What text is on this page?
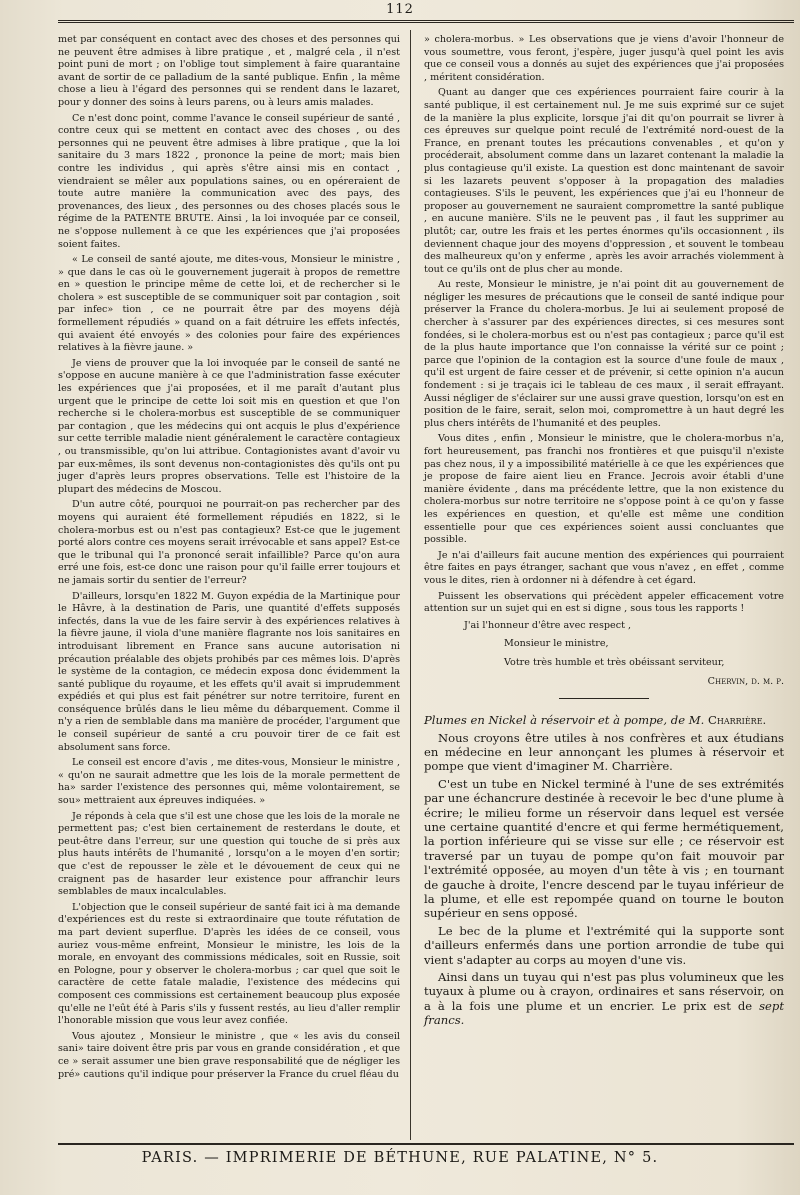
112

met par conséquent en contact avec des choses et des personnes qui ne peuvent être admises à libre pratique , et , malgré cela , il n'est point puni de mort ; on l'oblige tout simplement à faire quarantaine avant de sortir de ce palladium de la santé publique. Enfin , la même chose a lieu à l'égard des personnes qui se rendent dans le lazaret, pour y donner des soins à leurs parens, ou à leurs amis malades.

Ce n'est donc point, comme l'avance le conseil supérieur de santé , contre ceux qui se mettent en contact avec des choses , ou des personnes qui ne peuvent être admises à libre pratique , que la loi sanitaire du 3 mars 1822 , prononce la peine de mort; mais bien contre les individus , qui après s'être ainsi mis en contact , viendraient se mêler aux populations saines, ou en opéreraient de toute autre manière la communication avec des pays, des provenances, des lieux , des personnes ou des choses placés sous le régime de la PATENTE BRUTE. Ainsi , la loi invoquée par ce conseil, ne s'oppose nullement à ce que les expériences que j'ai proposées soient faites.

« Le conseil de santé ajoute, me dites-vous, Monsieur le ministre , » que dans le cas où le gouvernement jugerait à propos de remettre en » question le principe même de cette loi, et de rechercher si le cholera » est susceptible de se communiquer soit par contagion , soit par infec» tion , ce ne pourrait être par des moyens déjà formellement répudiés » quand on a fait détruire les effets infectés, qui avaient été envoyés » des colonies pour faire des expériences relatives à la fièvre jaune. »

Je viens de prouver que la loi invoquée par le conseil de santé ne s'oppose en aucune manière à ce que l'administration fasse exécuter les expériences que j'ai proposées, et il me paraît d'autant plus urgent que le principe de cette loi soit mis en question et que l'on recherche si le cholera-morbus est susceptible de se communiquer par contagion , que les médecins qui ont acquis le plus d'expérience sur cette terrible maladie nient généralement le caractère contagieux , ou transmissible, qu'on lui attribue. Contagionistes avant d'avoir vu par eux-mêmes, ils sont devenus non-contagionistes dès qu'ils ont pu juger d'après leurs propres observations. Telle est l'histoire de la plupart des médecins de Moscou.

D'un autre côté, pourquoi ne pourrait-on pas rechercher par des moyens qui auraient été formellement répudiés en 1822, si le cholera-morbus est ou n'est pas contagieux? Est-ce que le jugement porté alors contre ces moyens serait irrévocable et sans appel? Est-ce que le tribunal qui l'a prononcé serait infaillible? Parce qu'on aura erré une fois, est-ce donc une raison pour qu'il faille errer toujours et ne jamais sortir du sentier de l'erreur?

D'ailleurs, lorsqu'en 1822 M. Guyon expédia de la Martinique pour le Hâvre, à la destination de Paris, une quantité d'effets supposés infectés, dans la vue de les faire servir à des expériences relatives à la fièvre jaune, il viola d'une manière flagrante nos lois sanitaires en introduisant librement en France sans aucune autorisation ni précaution préalable des objets prohibés par ces mêmes lois. D'après le système de la contagion, ce médecin exposa donc évidemment la santé publique du royaume, et les effets qu'il avait si imprudemment expédiés et qui plus est fait pénétrer sur notre territoire, furent en conséquence brûlés dans le lieu même du débarquement. Comme il n'y a rien de semblable dans ma manière de procéder, l'argument que le conseil supérieur de santé a cru pouvoir tirer de ce fait est absolument sans force.

Le conseil est encore d'avis , me dites-vous, Monsieur le ministre , « qu'on ne saurait admettre que les lois de la morale permettent de ha» sarder l'existence des personnes qui, même volontairement, se sou» mettraient aux épreuves indiquées. »

Je réponds à cela que s'il est une chose que les lois de la morale ne permettent pas; c'est bien certainement de resterdans le doute, et peut-être dans l'erreur, sur une question qui touche de si près aux plus hauts intérêts de l'humanité , lorsqu'on a le moyen d'en sortir; que c'est de repousser le zèle et le dévouement de ceux qui ne craignent pas de hasarder leur existence pour affranchir leurs semblables de maux incalculables.

L'objection que le conseil supérieur de santé fait ici à ma demande d'expériences est du reste si extraordinaire que toute réfutation de ma part devient superflue. D'après les idées de ce conseil, vous auriez vous-même enfreint, Monsieur le ministre, les lois de la morale, en envoyant des commissions médicales, soit en Russie, soit en Pologne, pour y observer le cholera-morbus ; car quel que soit le caractère de cette fatale maladie, l'existence des médecins qui composent ces commissions est certainement beaucoup plus exposée qu'elle ne l'eût été à Paris s'ils y fussent restés, au lieu d'aller remplir l'honorable mission que vous leur avez confiée.

Vous ajoutez , Monsieur le ministre , que « les avis du conseil sani» taire doivent être pris par vous en grande considération , et que ce » serait assumer une bien grave responsabilité que de négliger les pré» cautions qu'il indique pour préserver la France du cruel fléau du

» cholera-morbus. » Les observations que je viens d'avoir l'honneur de vous soumettre, vous feront, j'espère, juger jusqu'à quel point les avis que ce conseil vous a donnés au sujet des expériences que j'ai proposées , méritent considération.

Quant au danger que ces expériences pourraient faire courir à la santé publique, il est certainement nul. Je me suis exprimé sur ce sujet de la manière la plus explicite, lorsque j'ai dit qu'on pourrait se livrer à ces épreuves sur quelque point reculé de l'extrémité nord-ouest de la France, en prenant toutes les précautions convenables , et qu'on y procéderait, absolument comme dans un lazaret contenant la maladie la plus contagieuse qu'il existe. La question est donc maintenant de savoir si les lazarets peuvent s'opposer à la propagation des maladies contagieuses. S'ils le peuvent, les expériences que j'ai eu l'honneur de proposer au gouvernement ne sauraient compromettre la santé publique , en aucune manière. S'ils ne le peuvent pas , il faut les supprimer au plutôt; car, outre les frais et les pertes énormes qu'ils occasionnent , ils deviennent chaque jour des moyens d'oppression , et souvent le tombeau des malheureux qu'on y enferme , après les avoir arrachés violemment à tout ce qu'ils ont de plus cher au monde.

Au reste, Monsieur le ministre, je n'ai point dit au gouvernement de négliger les mesures de précautions que le conseil de santé indique pour préserver la France du cholera-morbus. Je lui ai seulement proposé de chercher à s'assurer par des expériences directes, si ces mesures sont fondées, si le cholera-morbus est ou n'est pas contagieux ; parce qu'il est de la plus haute importance que l'on connaisse la vérité sur ce point ; parce que l'opinion de la contagion est la source d'une foule de maux , qu'il est urgent de faire cesser et de prévenir, si cette opinion n'a aucun fondement : si je traçais ici le tableau de ces maux , il serait effrayant. Aussi négliger de s'éclairer sur une aussi grave question, lorsqu'on est en position de le faire, serait, selon moi, compromettre à un haut degré les plus chers intérêts de l'humanité et des peuples.

Vous dites , enfin , Monsieur le ministre, que le cholera-morbus n'a, fort heureusement, pas franchi nos frontières et que puisqu'il n'existe pas chez nous, il y a impossibilité matérielle à ce que les expériences que je propose de faire aient lieu en France. Jecrois avoir établi d'une manière évidente , dans ma précédente lettre, que la non existence du cholera-morbus sur notre territoire ne s'oppose point à ce qu'on y fasse les expériences en question, et qu'elle est même une condition essentielle pour que ces expériences soient aussi concluantes que possible.

Je n'ai d'ailleurs fait aucune mention des expériences qui pourraient être faites en pays étranger, sachant que vous n'avez , en effet , comme vous le dites, rien à ordonner ni à défendre à cet égard.

Puissent les observations qui précèdent appeler efficacement votre attention sur un sujet qui en est si digne , sous tous les rapports !

J'ai l'honneur d'être avec respect ,
Monsieur le ministre,
Votre très humble et très obéissant serviteur,
Chervin, d. m. p.

Plumes en Nickel à réservoir et à pompe, de M. Charrière.

Nous croyons être utiles à nos confrères et aux étudians en médecine en leur annonçant les plumes à réservoir et pompe que vient d'imaginer M. Charrière.

C'est un tube en Nickel terminé à l'une de ses extrémités par une échancrure destinée à recevoir le bec d'une plume à écrire; le milieu forme un réservoir dans lequel est versée une certaine quantité d'encre et qui ferme hermétiquement, la portion inférieure qui se visse sur elle ; ce réservoir est traversé par un tuyau de pompe qu'on fait mouvoir par l'extrémité opposée, au moyen d'un tête à vis ; en tournant de gauche à droite, l'encre descend par le tuyau inférieur de la plume, et elle est repompée quand on tourne le bouton supérieur en sens opposé.

Le bec de la plume et l'extrémité qui la supporte sont d'ailleurs enfermés dans une portion arrondie de tube qui vient s'adapter au corps au moyen d'une vis.

Ainsi dans un tuyau qui n'est pas plus volumineux que les tuyaux à plume ou à crayon, ordinaires et sans réservoir, on a à la fois une plume et un encrier. Le prix est de sept francs.

PARIS. — IMPRIMERIE DE BÉTHUNE, RUE PALATINE, N° 5.
